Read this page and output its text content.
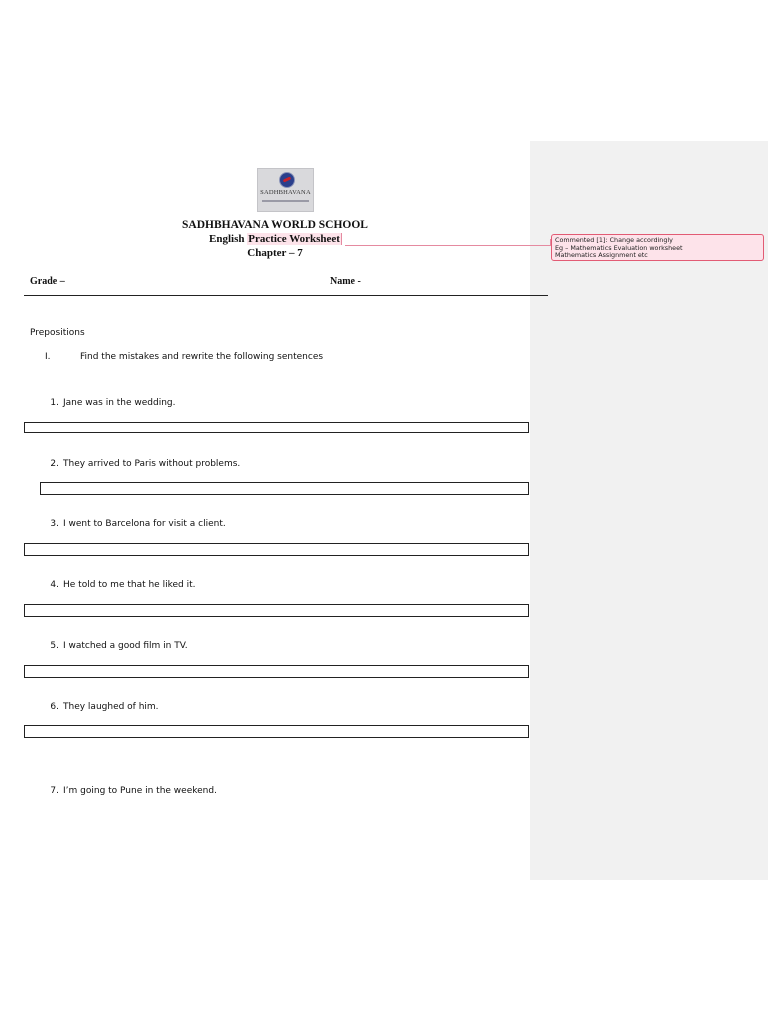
SADHBHAVANA
SADHBHAVANA WORLD SCHOOL
English Practice Worksheet
Chapter – 7
Commented [1]: Change accordingly
Eg – Mathematics Evaluation worksheet
Mathematics Assignment etc
Grade –	Name -
Prepositions
I.	Find the mistakes and rewrite the following sentences
1. Jane was in the wedding.
2. They arrived to Paris without problems.
3. I went to Barcelona for visit a client.
4. He told to me that he liked it.
5. I watched a good film in TV.
6. They laughed of him.
7. I’m going to Pune in the weekend.
